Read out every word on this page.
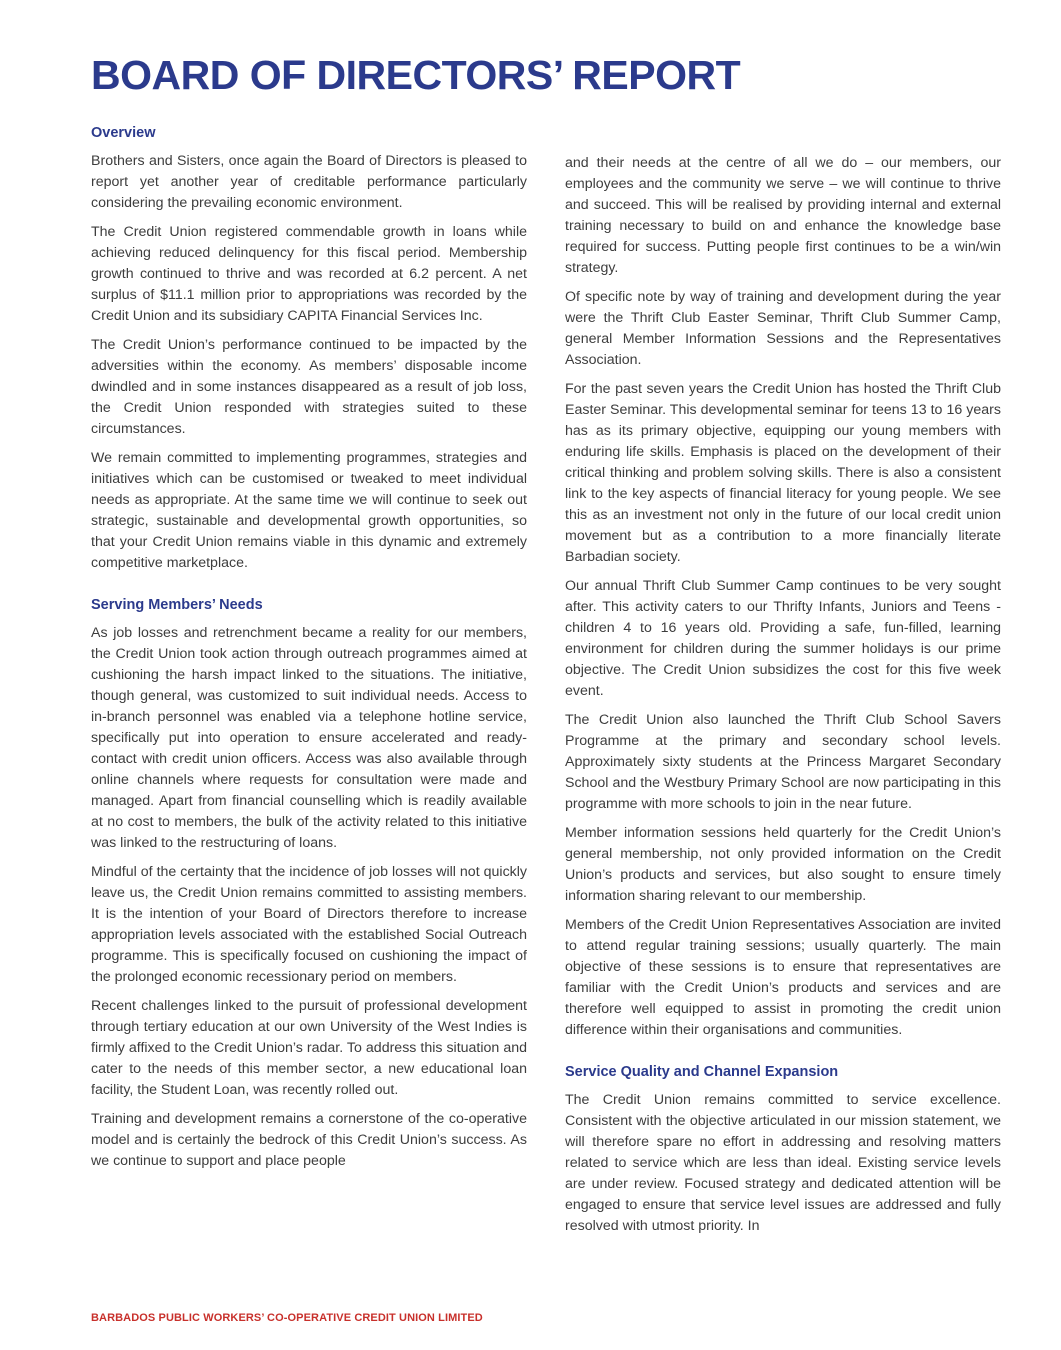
BOARD OF DIRECTORS’ REPORT
Overview

Brothers and Sisters, once again the Board of Directors is pleased to report yet another year of creditable performance particularly considering the prevailing economic environment.

The Credit Union registered commendable growth in loans while achieving reduced delinquency for this fiscal period. Membership growth continued to thrive and was recorded at 6.2 percent. A net surplus of $11.1 million prior to appropriations was recorded by the Credit Union and its subsidiary CAPITA Financial Services Inc.

The Credit Union’s performance continued to be impacted by the adversities within the economy. As members’ disposable income dwindled and in some instances disappeared as a result of job loss, the Credit Union responded with strategies suited to these circumstances.

We remain committed to implementing programmes, strategies and initiatives which can be customised or tweaked to meet individual needs as appropriate. At the same time we will continue to seek out strategic, sustainable and developmental growth opportunities, so that your Credit Union remains viable in this dynamic and extremely competitive marketplace.

Serving Members’ Needs

As job losses and retrenchment became a reality for our members, the Credit Union took action through outreach programmes aimed at cushioning the harsh impact linked to the situations. The initiative, though general, was customized to suit individual needs. Access to in-branch personnel was enabled via a telephone hotline service, specifically put into operation to ensure accelerated and ready-contact with credit union officers. Access was also available through online channels where requests for consultation were made and managed. Apart from financial counselling which is readily available at no cost to members, the bulk of the activity related to this initiative was linked to the restructuring of loans.

Mindful of the certainty that the incidence of job losses will not quickly leave us, the Credit Union remains committed to assisting members. It is the intention of your Board of Directors therefore to increase appropriation levels associated with the established Social Outreach programme. This is specifically focused on cushioning the impact of the prolonged economic recessionary period on members.

Recent challenges linked to the pursuit of professional development through tertiary education at our own University of the West Indies is firmly affixed to the Credit Union’s radar. To address this situation and cater to the needs of this member sector, a new educational loan facility, the Student Loan, was recently rolled out.

Training and development remains a cornerstone of the co-operative model and is certainly the bedrock of this Credit Union’s success. As we continue to support and place people

and their needs at the centre of all we do – our members, our employees and the community we serve – we will continue to thrive and succeed. This will be realised by providing internal and external training necessary to build on and enhance the knowledge base required for success. Putting people first continues to be a win/win strategy.

Of specific note by way of training and development during the year were the Thrift Club Easter Seminar, Thrift Club Summer Camp, general Member Information Sessions and the Representatives Association.

For the past seven years the Credit Union has hosted the Thrift Club Easter Seminar. This developmental seminar for teens 13 to 16 years has as its primary objective, equipping our young members with enduring life skills. Emphasis is placed on the development of their critical thinking and problem solving skills. There is also a consistent link to the key aspects of financial literacy for young people. We see this as an investment not only in the future of our local credit union movement but as a contribution to a more financially literate Barbadian society.

Our annual Thrift Club Summer Camp continues to be very sought after. This activity caters to our Thrifty Infants, Juniors and Teens - children 4 to 16 years old. Providing a safe, fun-filled, learning environment for children during the summer holidays is our prime objective. The Credit Union subsidizes the cost for this five week event.

The Credit Union also launched the Thrift Club School Savers Programme at the primary and secondary school levels. Approximately sixty students at the Princess Margaret Secondary School and the Westbury Primary School are now participating in this programme with more schools to join in the near future.

Member information sessions held quarterly for the Credit Union’s general membership, not only provided information on the Credit Union’s products and services, but also sought to ensure timely information sharing relevant to our membership.

Members of the Credit Union Representatives Association are invited to attend regular training sessions; usually quarterly. The main objective of these sessions is to ensure that representatives are familiar with the Credit Union’s products and services and are therefore well equipped to assist in promoting the credit union difference within their organisations and communities.

Service Quality and Channel Expansion

The Credit Union remains committed to service excellence. Consistent with the objective articulated in our mission statement, we will therefore spare no effort in addressing and resolving matters related to service which are less than ideal. Existing service levels are under review. Focused strategy and dedicated attention will be engaged to ensure that service level issues are addressed and fully resolved with utmost priority. In

BARBADOS PUBLIC WORKERS’ CO-OPERATIVE CREDIT UNION LIMITED
